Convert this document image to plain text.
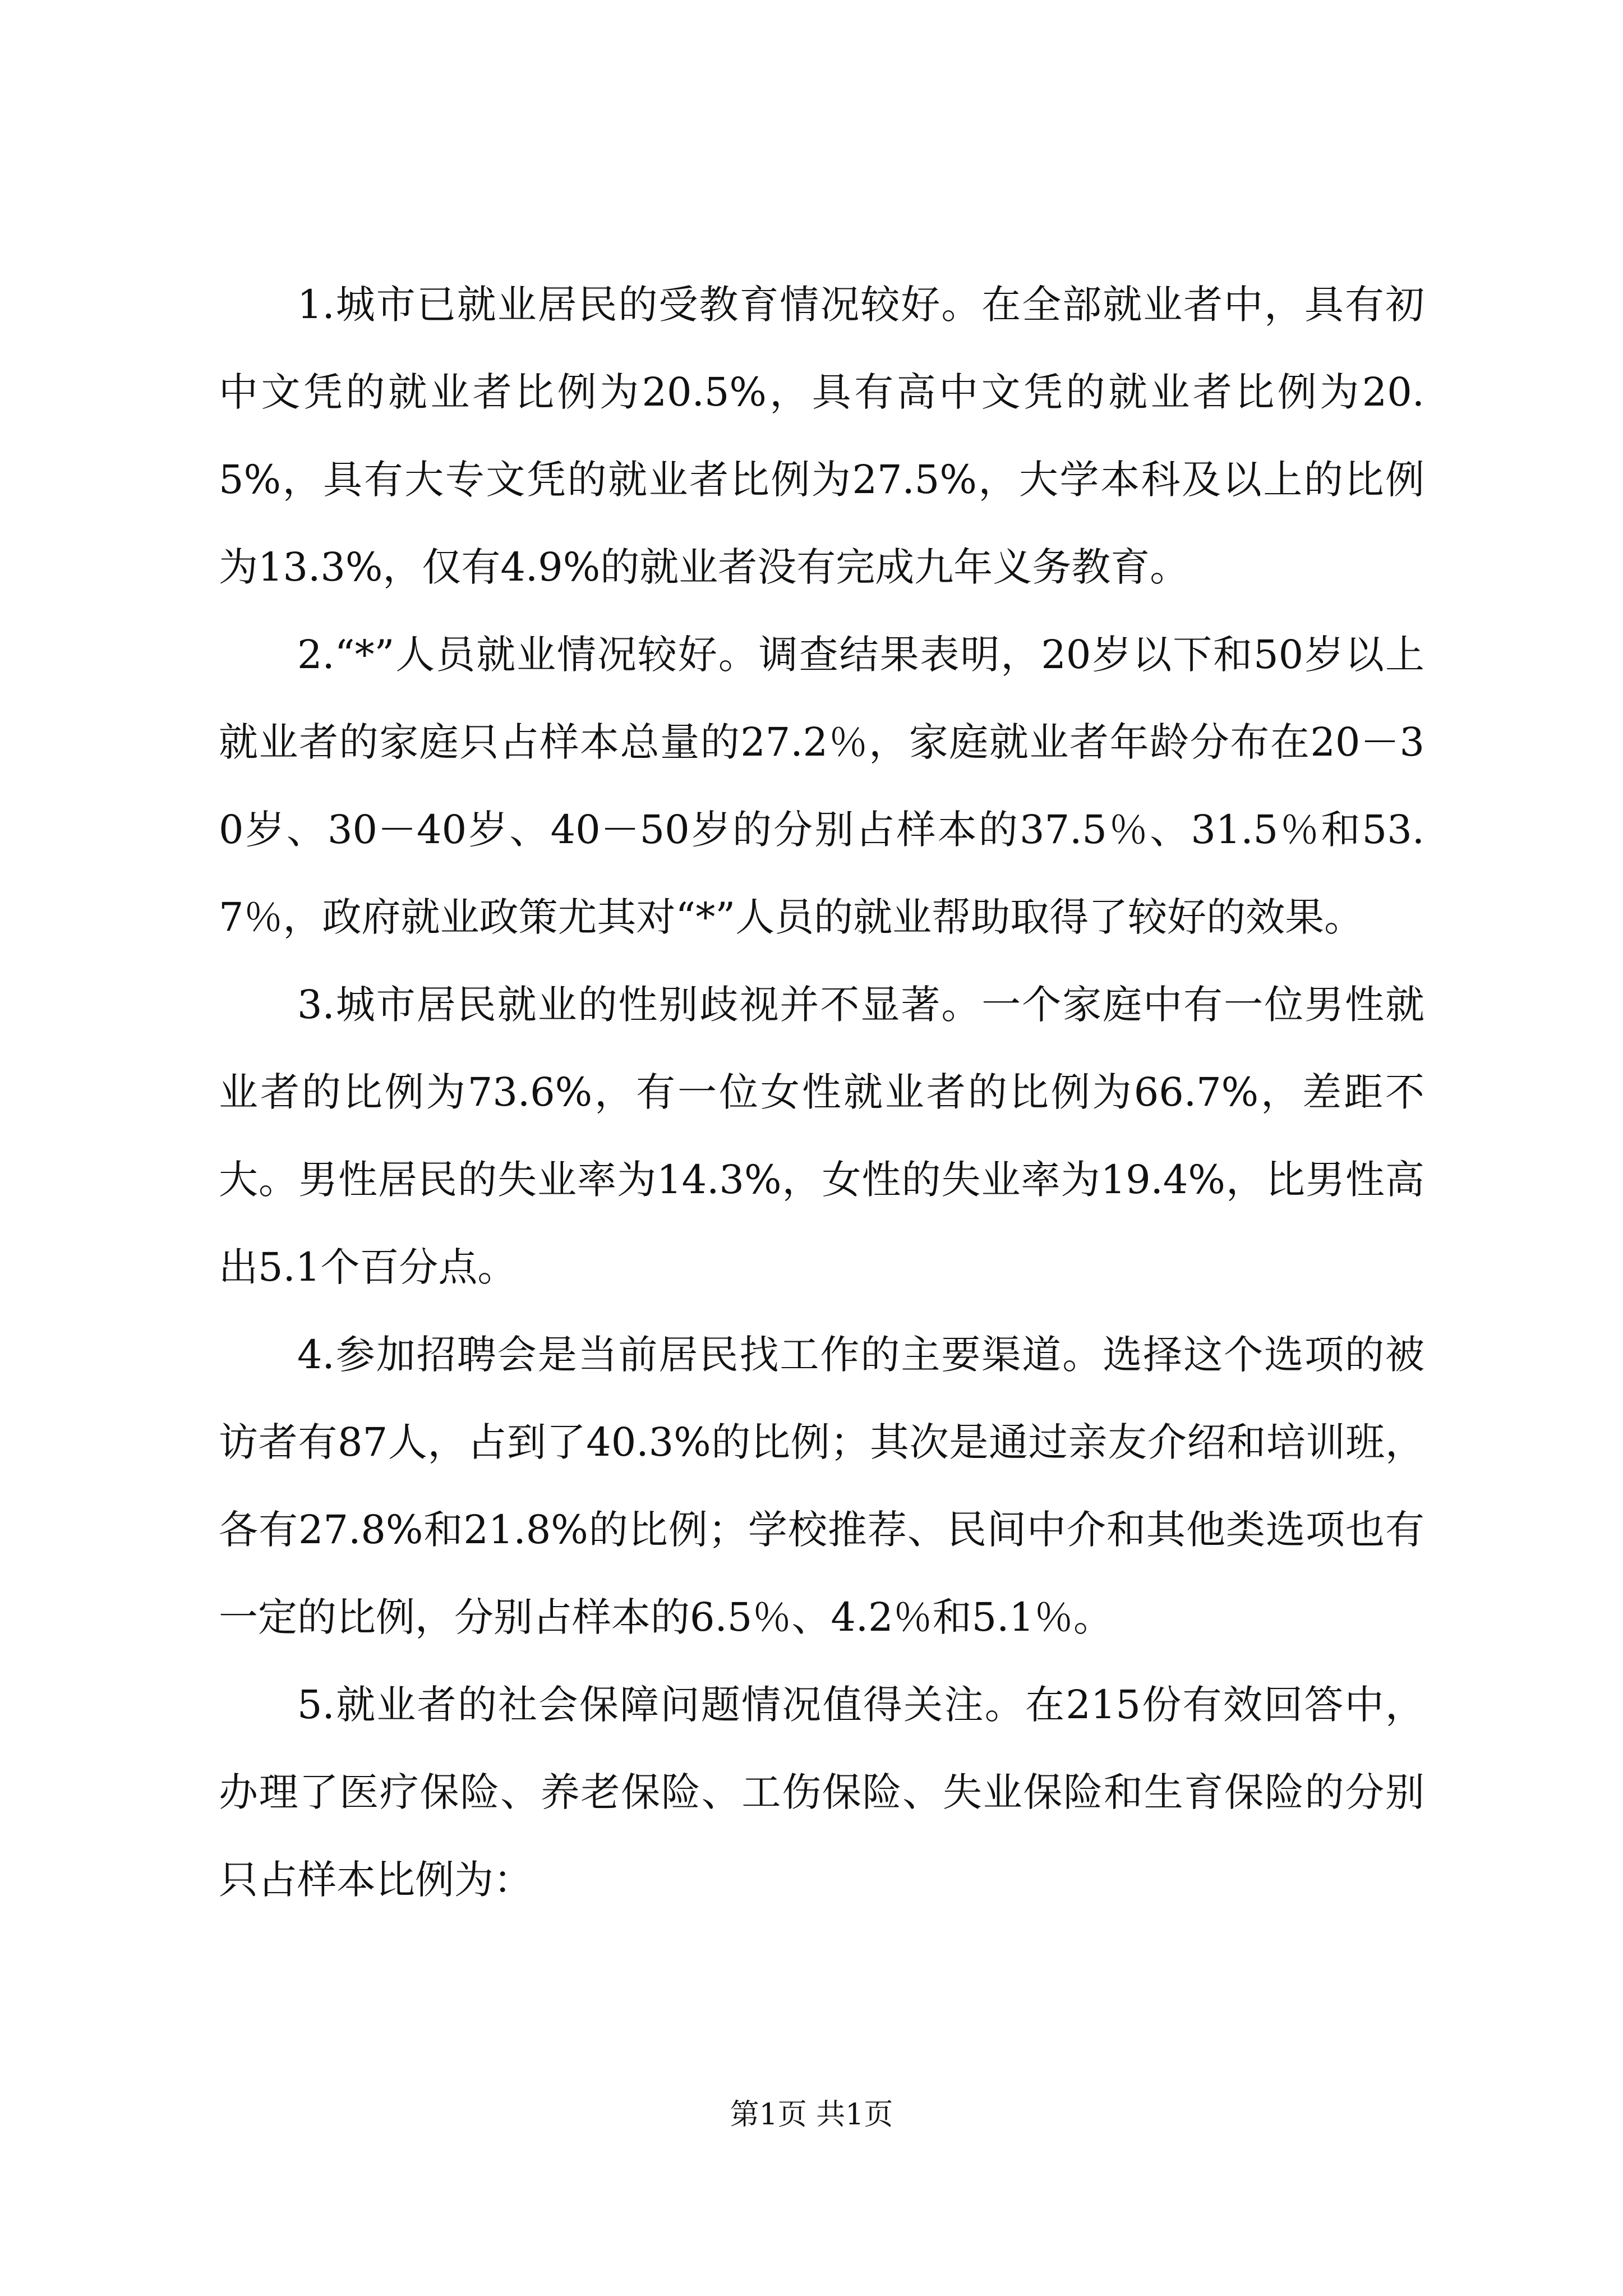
1.城市已就业居民的受教育情况较好。在全部就业者中，具有初中文凭的就业者比例为20.5%，具有高中文凭的就业者比例为20.5%，具有大专文凭的就业者比例为27.5%，大学本科及以上的比例为13.3%，仅有4.9%的就业者没有完成九年义务教育。

2.“*”人员就业情况较好。调查结果表明，20岁以下和50岁以上就业者的家庭只占样本总量的27.2％，家庭就业者年龄分布在20－30岁、30－40岁、40－50岁的分别占样本的37.5％、31.5％和53.7％，政府就业政策尤其对“*”人员的就业帮助取得了较好的效果。

3.城市居民就业的性别歧视并不显著。一个家庭中有一位男性就业者的比例为73.6%，有一位女性就业者的比例为66.7%，差距不大。男性居民的失业率为14.3%，女性的失业率为19.4%，比男性高出5.1个百分点。

4.参加招聘会是当前居民找工作的主要渠道。选择这个选项的被访者有87人，占到了40.3%的比例；其次是通过亲友介绍和培训班，各有27.8%和21.8%的比例；学校推荐、民间中介和其他类选项也有一定的比例，分别占样本的6.5％、4.2％和5.1％。

5.就业者的社会保障问题情况值得关注。在215份有效回答中，办理了医疗保险、养老保险、工伤保险、失业保险和生育保险的分别只占样本比例为：

第1页 共1页
